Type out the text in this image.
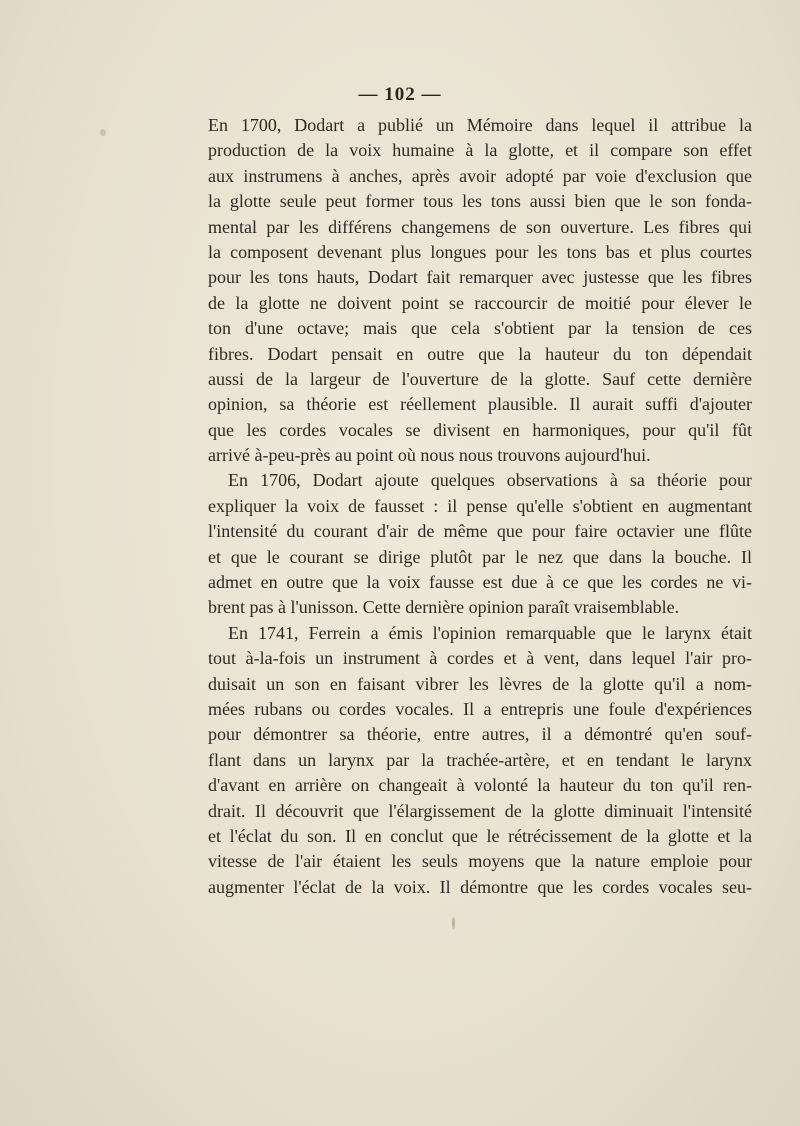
— 102 —
En 1700, Dodart a publié un Mémoire dans lequel il attribue la
production de la voix humaine à la glotte, et il compare son effet
aux instrumens à anches, après avoir adopté par voie d'exclusion que
la glotte seule peut former tous les tons aussi bien que le son fonda-
mental par les différens changemens de son ouverture. Les fibres qui
la composent devenant plus longues pour les tons bas et plus courtes
pour les tons hauts, Dodart fait remarquer avec justesse que les fibres
de la glotte ne doivent point se raccourcir de moitié pour élever le
ton d'une octave; mais que cela s'obtient par la tension de ces
fibres. Dodart pensait en outre que la hauteur du ton dépendait
aussi de la largeur de l'ouverture de la glotte. Sauf cette dernière
opinion, sa théorie est réellement plausible. Il aurait suffi d'ajouter
que les cordes vocales se divisent en harmoniques, pour qu'il fût
arrivé à-peu-près au point où nous nous trouvons aujourd'hui.
En 1706, Dodart ajoute quelques observations à sa théorie pour
expliquer la voix de fausset : il pense qu'elle s'obtient en augmentant
l'intensité du courant d'air de même que pour faire octavier une flûte
et que le courant se dirige plutôt par le nez que dans la bouche. Il
admet en outre que la voix fausse est due à ce que les cordes ne vi-
brent pas à l'unisson. Cette dernière opinion paraît vraisemblable.
En 1741, Ferrein a émis l'opinion remarquable que le larynx était
tout à-la-fois un instrument à cordes et à vent, dans lequel l'air pro-
duisait un son en faisant vibrer les lèvres de la glotte qu'il a nom-
mées rubans ou cordes vocales. Il a entrepris une foule d'expériences
pour démontrer sa théorie, entre autres, il a démontré qu'en souf-
flant dans un larynx par la trachée-artère, et en tendant le larynx
d'avant en arrière on changeait à volonté la hauteur du ton qu'il ren-
drait. Il découvrit que l'élargissement de la glotte diminuait l'intensité
et l'éclat du son. Il en conclut que le rétrécissement de la glotte et la
vitesse de l'air étaient les seuls moyens que la nature emploie pour
augmenter l'éclat de la voix. Il démontre que les cordes vocales seu-
